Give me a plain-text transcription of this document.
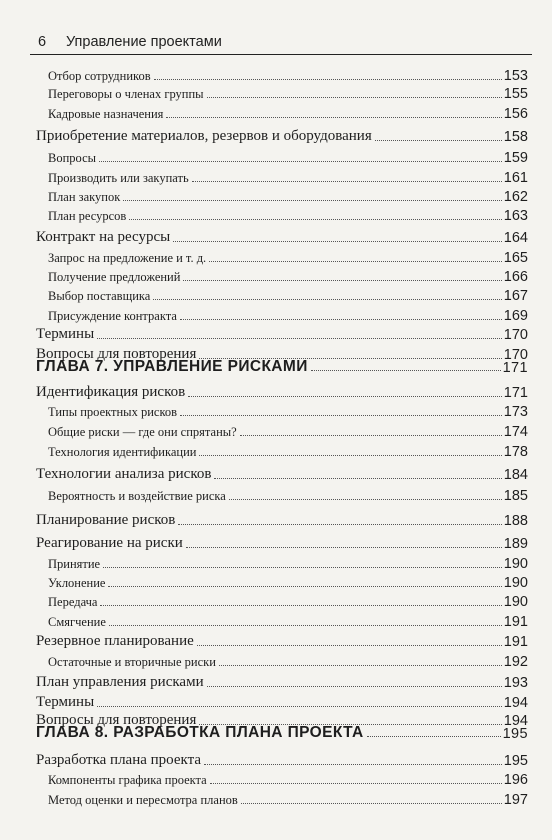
6 Управление проектами
Отбор сотрудников	153
Переговоры о членах группы	155
Кадровые назначения	156
Приобретение материалов, резервов и оборудования	158
Вопросы	159
Производить или закупать	161
План закупок	162
План ресурсов	163
Контракт на ресурсы	164
Запрос на предложение и т. д.	165
Получение предложений	166
Выбор поставщика	167
Присуждение контракта	169
Термины	170
Вопросы для повторения	170
ГЛАВА 7. УПРАВЛЕНИЕ РИСКАМИ	171
Идентификация рисков	171
Типы проектных рисков	173
Общие риски — где они спрятаны?	174
Технология идентификации	178
Технологии анализа рисков	184
Вероятность и воздействие риска	185
Планирование рисков	188
Реагирование на риски	189
Принятие	190
Уклонение	190
Передача	190
Смягчение	191
Резервное планирование	191
Остаточные и вторичные риски	192
План управления рисками	193
Термины	194
Вопросы для повторения	194
ГЛАВА 8. РАЗРАБОТКА ПЛАНА ПРОЕКТА	195
Разработка плана проекта	195
Компоненты графика проекта	196
Метод оценки и пересмотра планов	197
